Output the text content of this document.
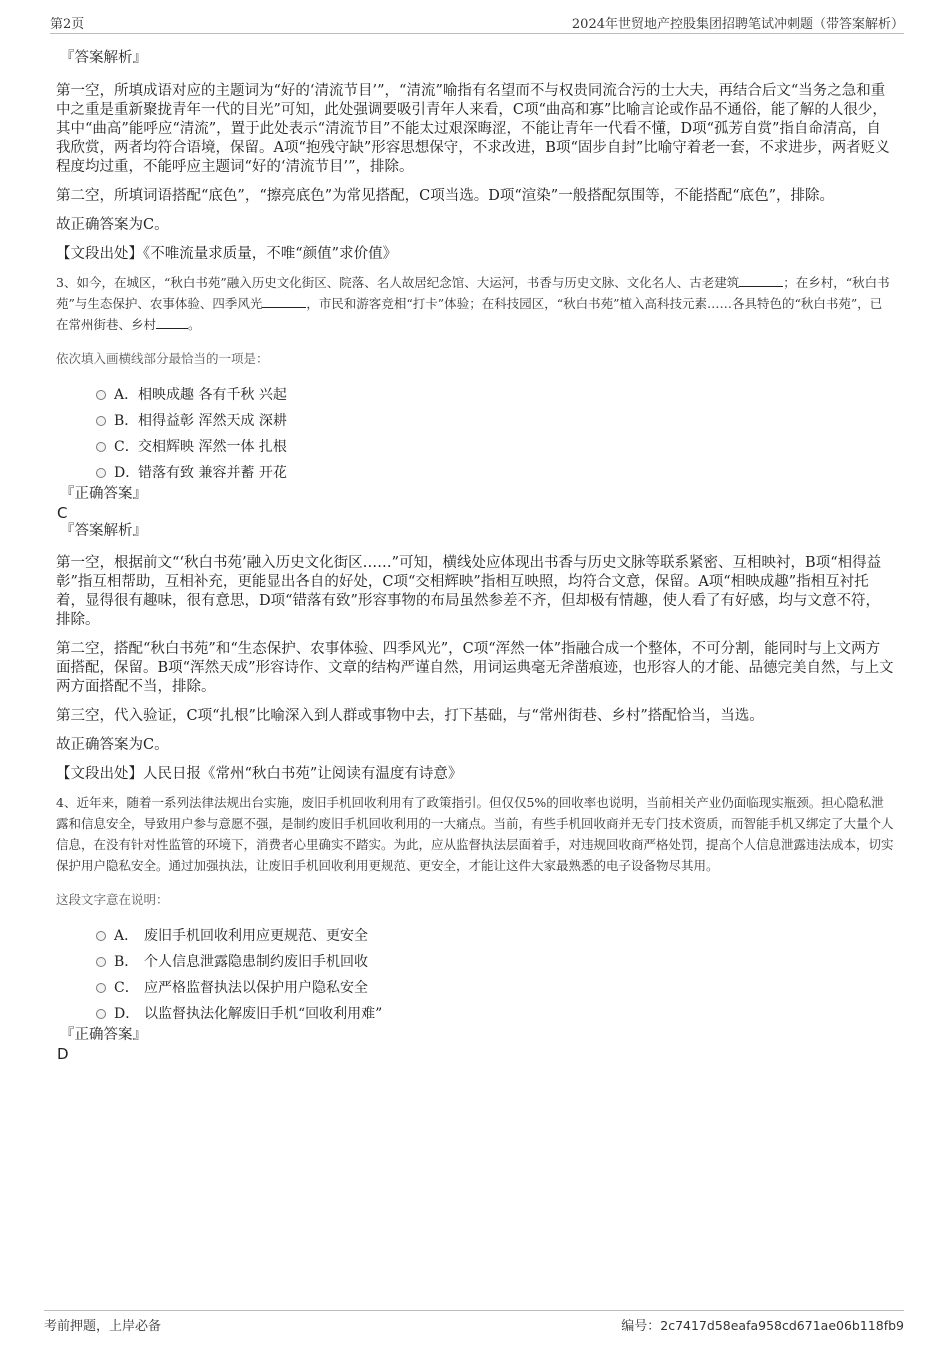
第2页	2024年世贸地产控股集团招聘笔试冲刺题（带答案解析）
『答案解析』

第一空，所填成语对应的主题词为“好的‘清流节目’”，“清流”喻指有名望而不与权贵同流合污的士大夫，再结合后文“当务之急和重中之重是重新聚拢青年一代的目光”可知，此处强调要吸引青年人来看，C项“曲高和寡”比喻言论或作品不通俗，能了解的人很少，其中“曲高”能呼应“清流”，置于此处表示“清流节目”不能太过艰深晦涩，不能让青年一代看不懂，D项“孤芳自赏”指自命清高，自我欣赏，两者均符合语境，保留。A项“抱残守缺”形容思想保守，不求改进，B项“固步自封”比喻守着老一套，不求进步，两者贬义程度均过重，不能呼应主题词“好的‘清流节目’”，排除。

第二空，所填词语搭配“底色”，“擦亮底色”为常见搭配，C项当选。D项“渲染”一般搭配氛围等，不能搭配“底色”，排除。

故正确答案为C。

【文段出处】《不唯流量求质量，不唯“颜值”求价值》

3、如今，在城区，“秋白书苑”融入历史文化街区、院落、名人故居纪念馆、大运河，书香与历史文脉、文化名人、古老建筑	；在乡村，“秋白书苑”与生态保护、农事体验、四季风光	，市民和游客竞相“打卡”体验；在科技园区，“秋白书苑”植入高科技元素……各具特色的“秋白书苑”，已在常州街巷、乡村	。

依次填入画横线部分最恰当的一项是：

A． 相映成趣 各有千秋 兴起
B． 相得益彰 浑然天成 深耕
C． 交相辉映 浑然一体 扎根
D．
错落有致 兼容并蓄 开花
『正确答案』

C

『答案解析』

第一空，根据前文“‘秋白书苑’融入历史文化街区……”可知，横线处应体现出书香与历史文脉等联系紧密、互相映衬，B项“相得益彰”指互相帮助，互相补充，更能显出各自的好处，C项“交相辉映”指相互映照，均符合文意，保留。A项“相映成趣”指相互衬托着，显得很有趣味，很有意思，D项“错落有致”形容事物的布局虽然参差不齐，但却极有情趣，使人看了有好感，均与文意不符，排除。

第二空，搭配“秋白书苑”和“生态保护、农事体验、四季风光”，C项“浑然一体”指融合成一个整体，不可分割，能同时与上文两方面搭配，保留。B项“浑然天成”形容诗作、文章的结构严谨自然，用词运典毫无斧凿痕迹，也形容人的才能、品德完美自然，与上文两方面搭配不当，排除。

第三空，代入验证，C项“扎根”比喻深入到人群或事物中去，打下基础，与“常州街巷、乡村”搭配恰当，当选。

故正确答案为C。

【文段出处】人民日报《常州“秋白书苑”让阅读有温度有诗意》

4、近年来，随着一系列法律法规出台实施，废旧手机回收利用有了政策指引。但仅仅5%的回收率也说明，当前相关产业仍面临现实瓶颈。担心隐私泄露和信息安全，导致用户参与意愿不强，是制约废旧手机回收利用的一大痛点。当前，有些手机回收商并无专门技术资质，而智能手机又绑定了大量个人信息，在没有针对性监管的环境下，消费者心里确实不踏实。为此，应从监督执法层面着手，对违规回收商严格处罚，提高个人信息泄露违法成本，切实保护用户隐私安全。通过加强执法，让废旧手机回收利用更规范、更安全，才能让这件大家最熟悉的电子设备物尽其用。

这段文字意在说明：

A． 废旧手机回收利用应更规范、更安全
B． 个人信息泄露隐患制约废旧手机回收
C． 应严格监督执法以保护用户隐私安全
D． 以监督执法化解废旧手机“回收利用难”
『正确答案』

D

考前押题，上岸必备	编号：2c7417d58eafa958cd671ae06b118fb9
